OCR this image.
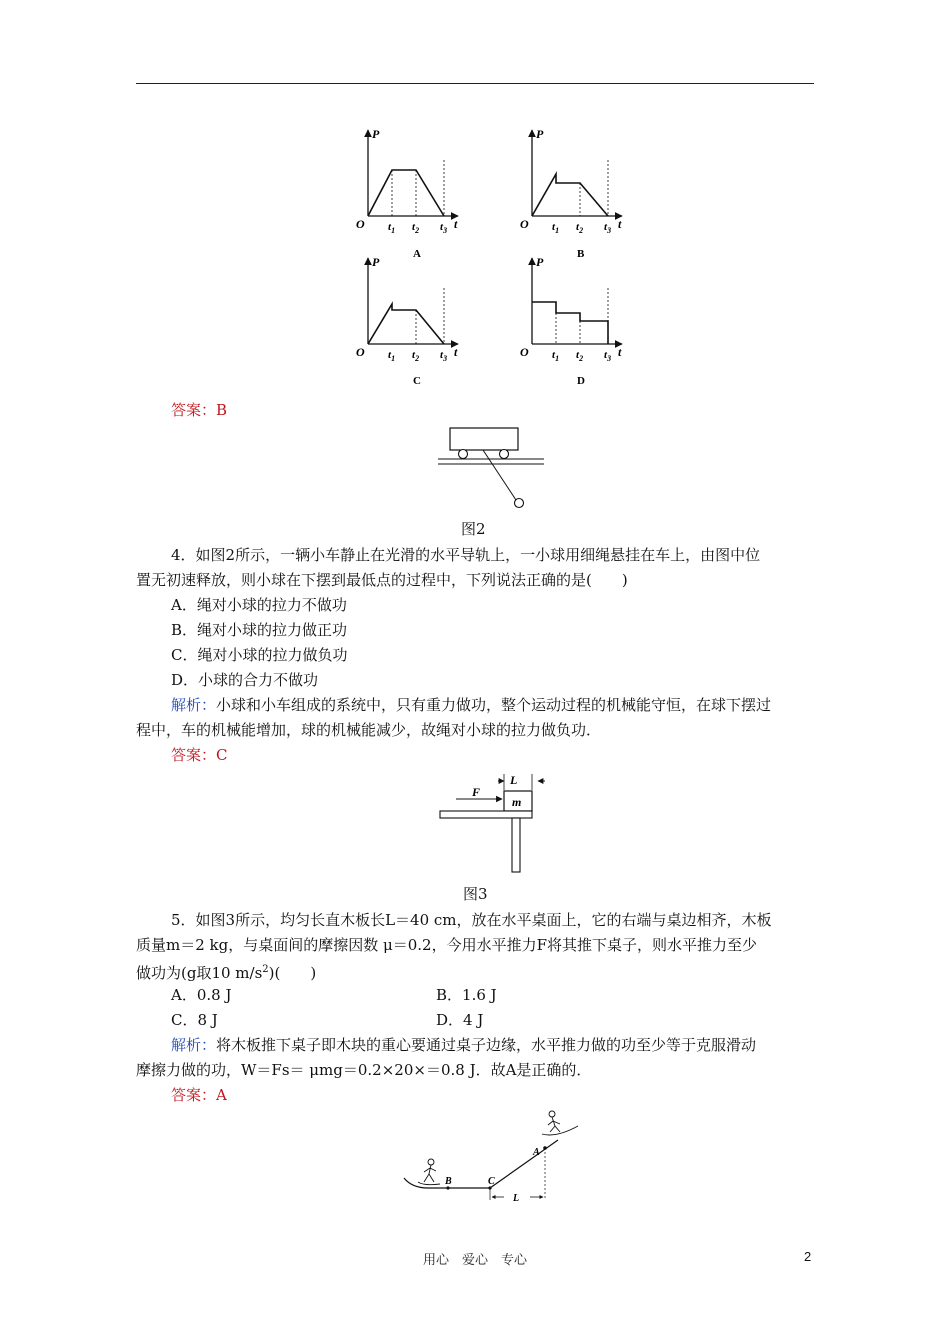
P
O $t_1$ $t_2$ $t_3$ t
A
P
O $t_1$ $t_2$ $t_3$ t
B
P
O $t_1$ $t_2$ $t_3$ t
C
P
O $t_1$ $t_2$ $t_3$ t
D
答案：B
图2
4．如图2所示，一辆小车静止在光滑的水平导轨上，一小球用细绳悬挂在车上，由图中位
置无初速释放，则小球在下摆到最低点的过程中，下列说法正确的是(　　)
A．绳对小球的拉力不做功
B．绳对小球的拉力做正功
C．绳对小球的拉力做负功
D．小球的合力不做功
解析：小球和小车组成的系统中，只有重力做功，整个运动过程的机械能守恒，在球下摆过
程中，车的机械能增加，球的机械能减少，故绳对小球的拉力做负功．
答案：C
L
m
F
图3
5．如图3所示，均匀长直木板长L＝40 cm，放在水平桌面上，它的右端与桌边相齐，木板
质量m＝2 kg，与桌面间的摩擦因数 μ＝0.2，今用水平推力F将其推下桌子，则水平推力至少
做功为(g取10 $m/s^2$)(　　)
A．0.8 J	B．1.6 J
C．8 J	D．4 J
解析：将木板推下桌子即木块的重心要通过桌子边缘，水平推力做的功至少等于克服滑动
摩擦力做的功，W＝Fs＝ μmg＝0.2×20×＝0.8 J．故A是正确的．
答案：A
A
B	C
L
用心　爱心　专心	2
